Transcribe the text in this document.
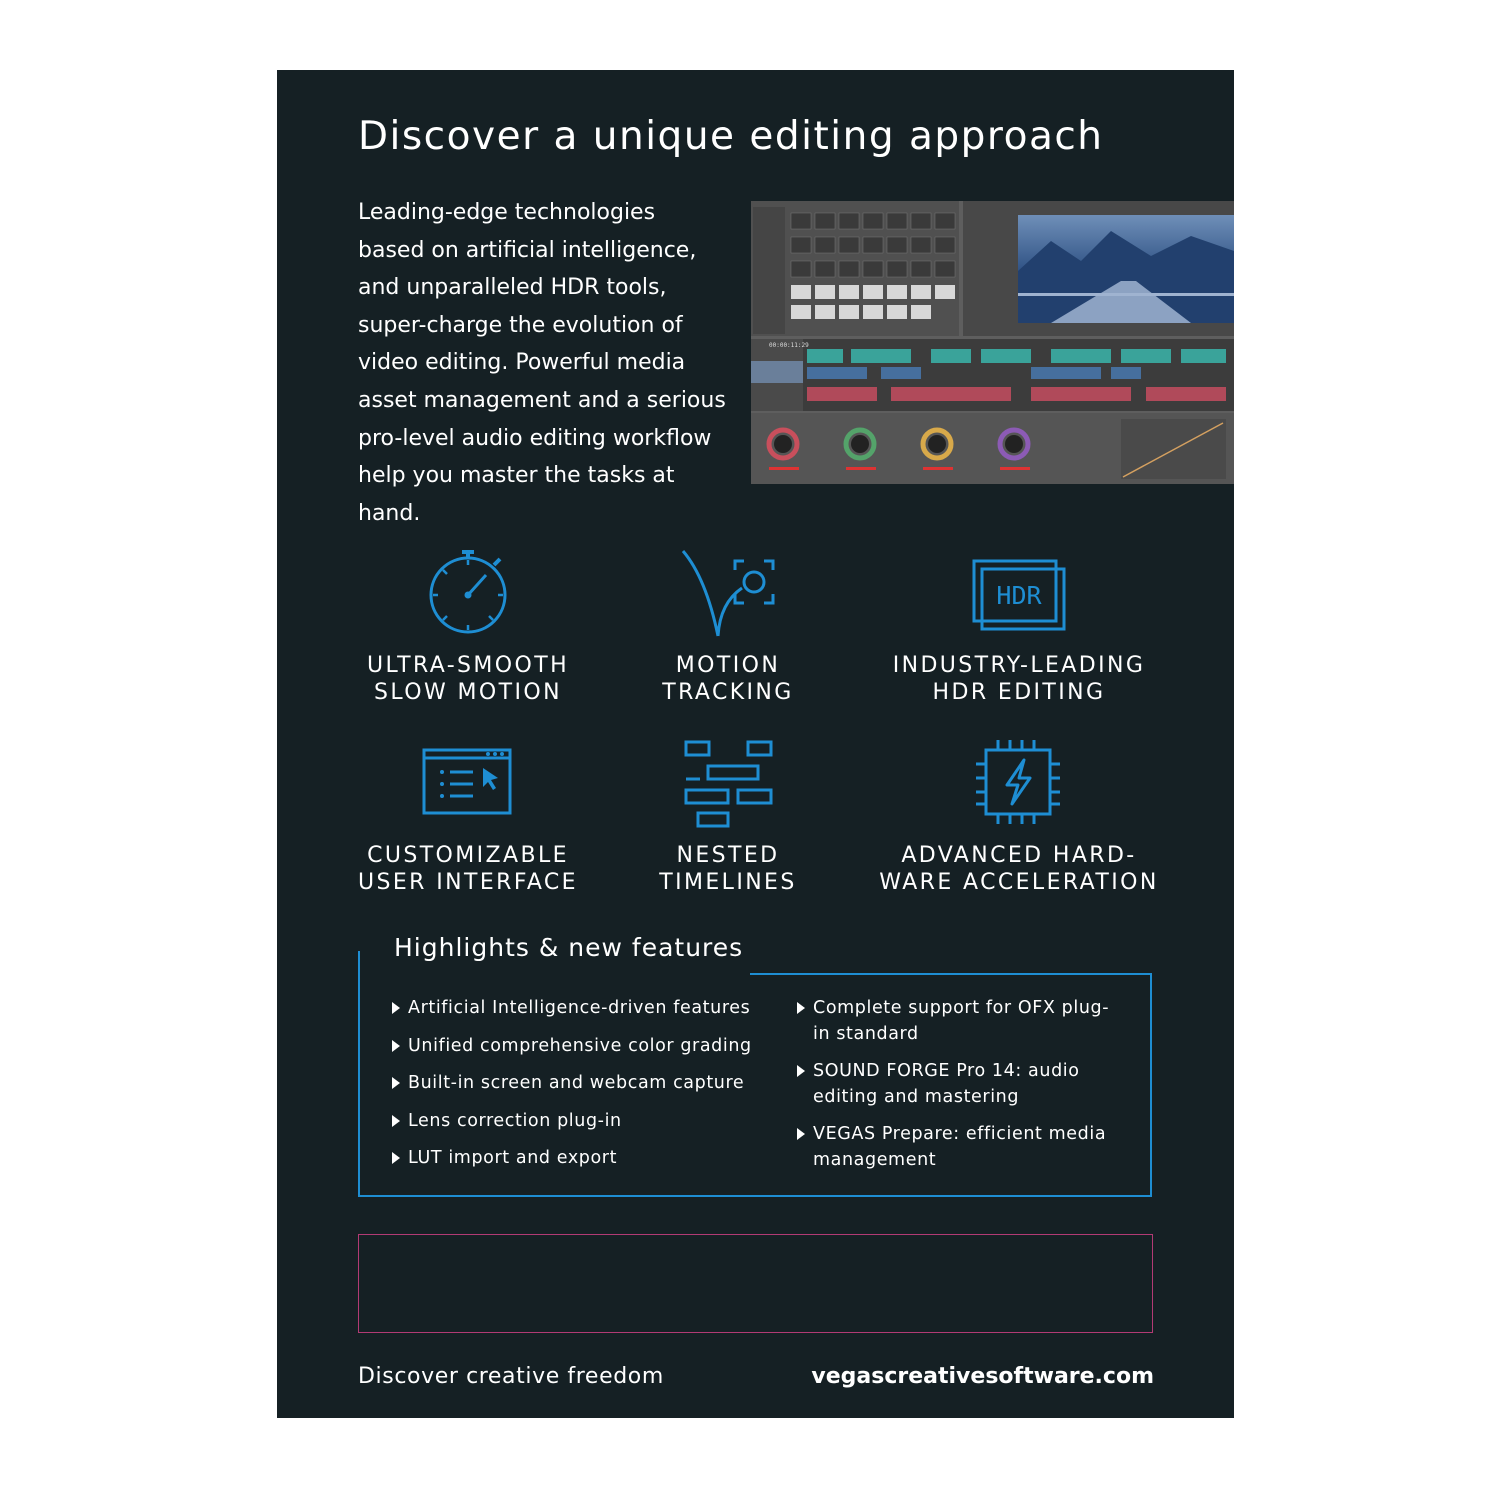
Discover a unique editing approach

Leading-edge technologies based on artificial intelligence, and unparalleled HDR tools, super-charge the evolution of video editing. Powerful media asset management and a serious pro-level audio editing workflow help you master the tasks at hand.

00:00:11:29
ULTRA-SMOOTH
SLOW MOTION
MOTION
TRACKING
HDR
INDUSTRY-LEADING
HDR EDITING
CUSTOMIZABLE
USER INTERFACE
NESTED
TIMELINES
ADVANCED HARD-
WARE ACCELERATION
Highlights & new features
Artificial Intelligence-driven features
Unified comprehensive color grading
Built-in screen and webcam capture
Lens correction plug-in
LUT import and export
Complete support for OFX plug-in standard
SOUND FORGE Pro 14: audio editing and mastering
VEGAS Prepare: efficient media management

Discover creative freedom	vegascreativesoftware.com
